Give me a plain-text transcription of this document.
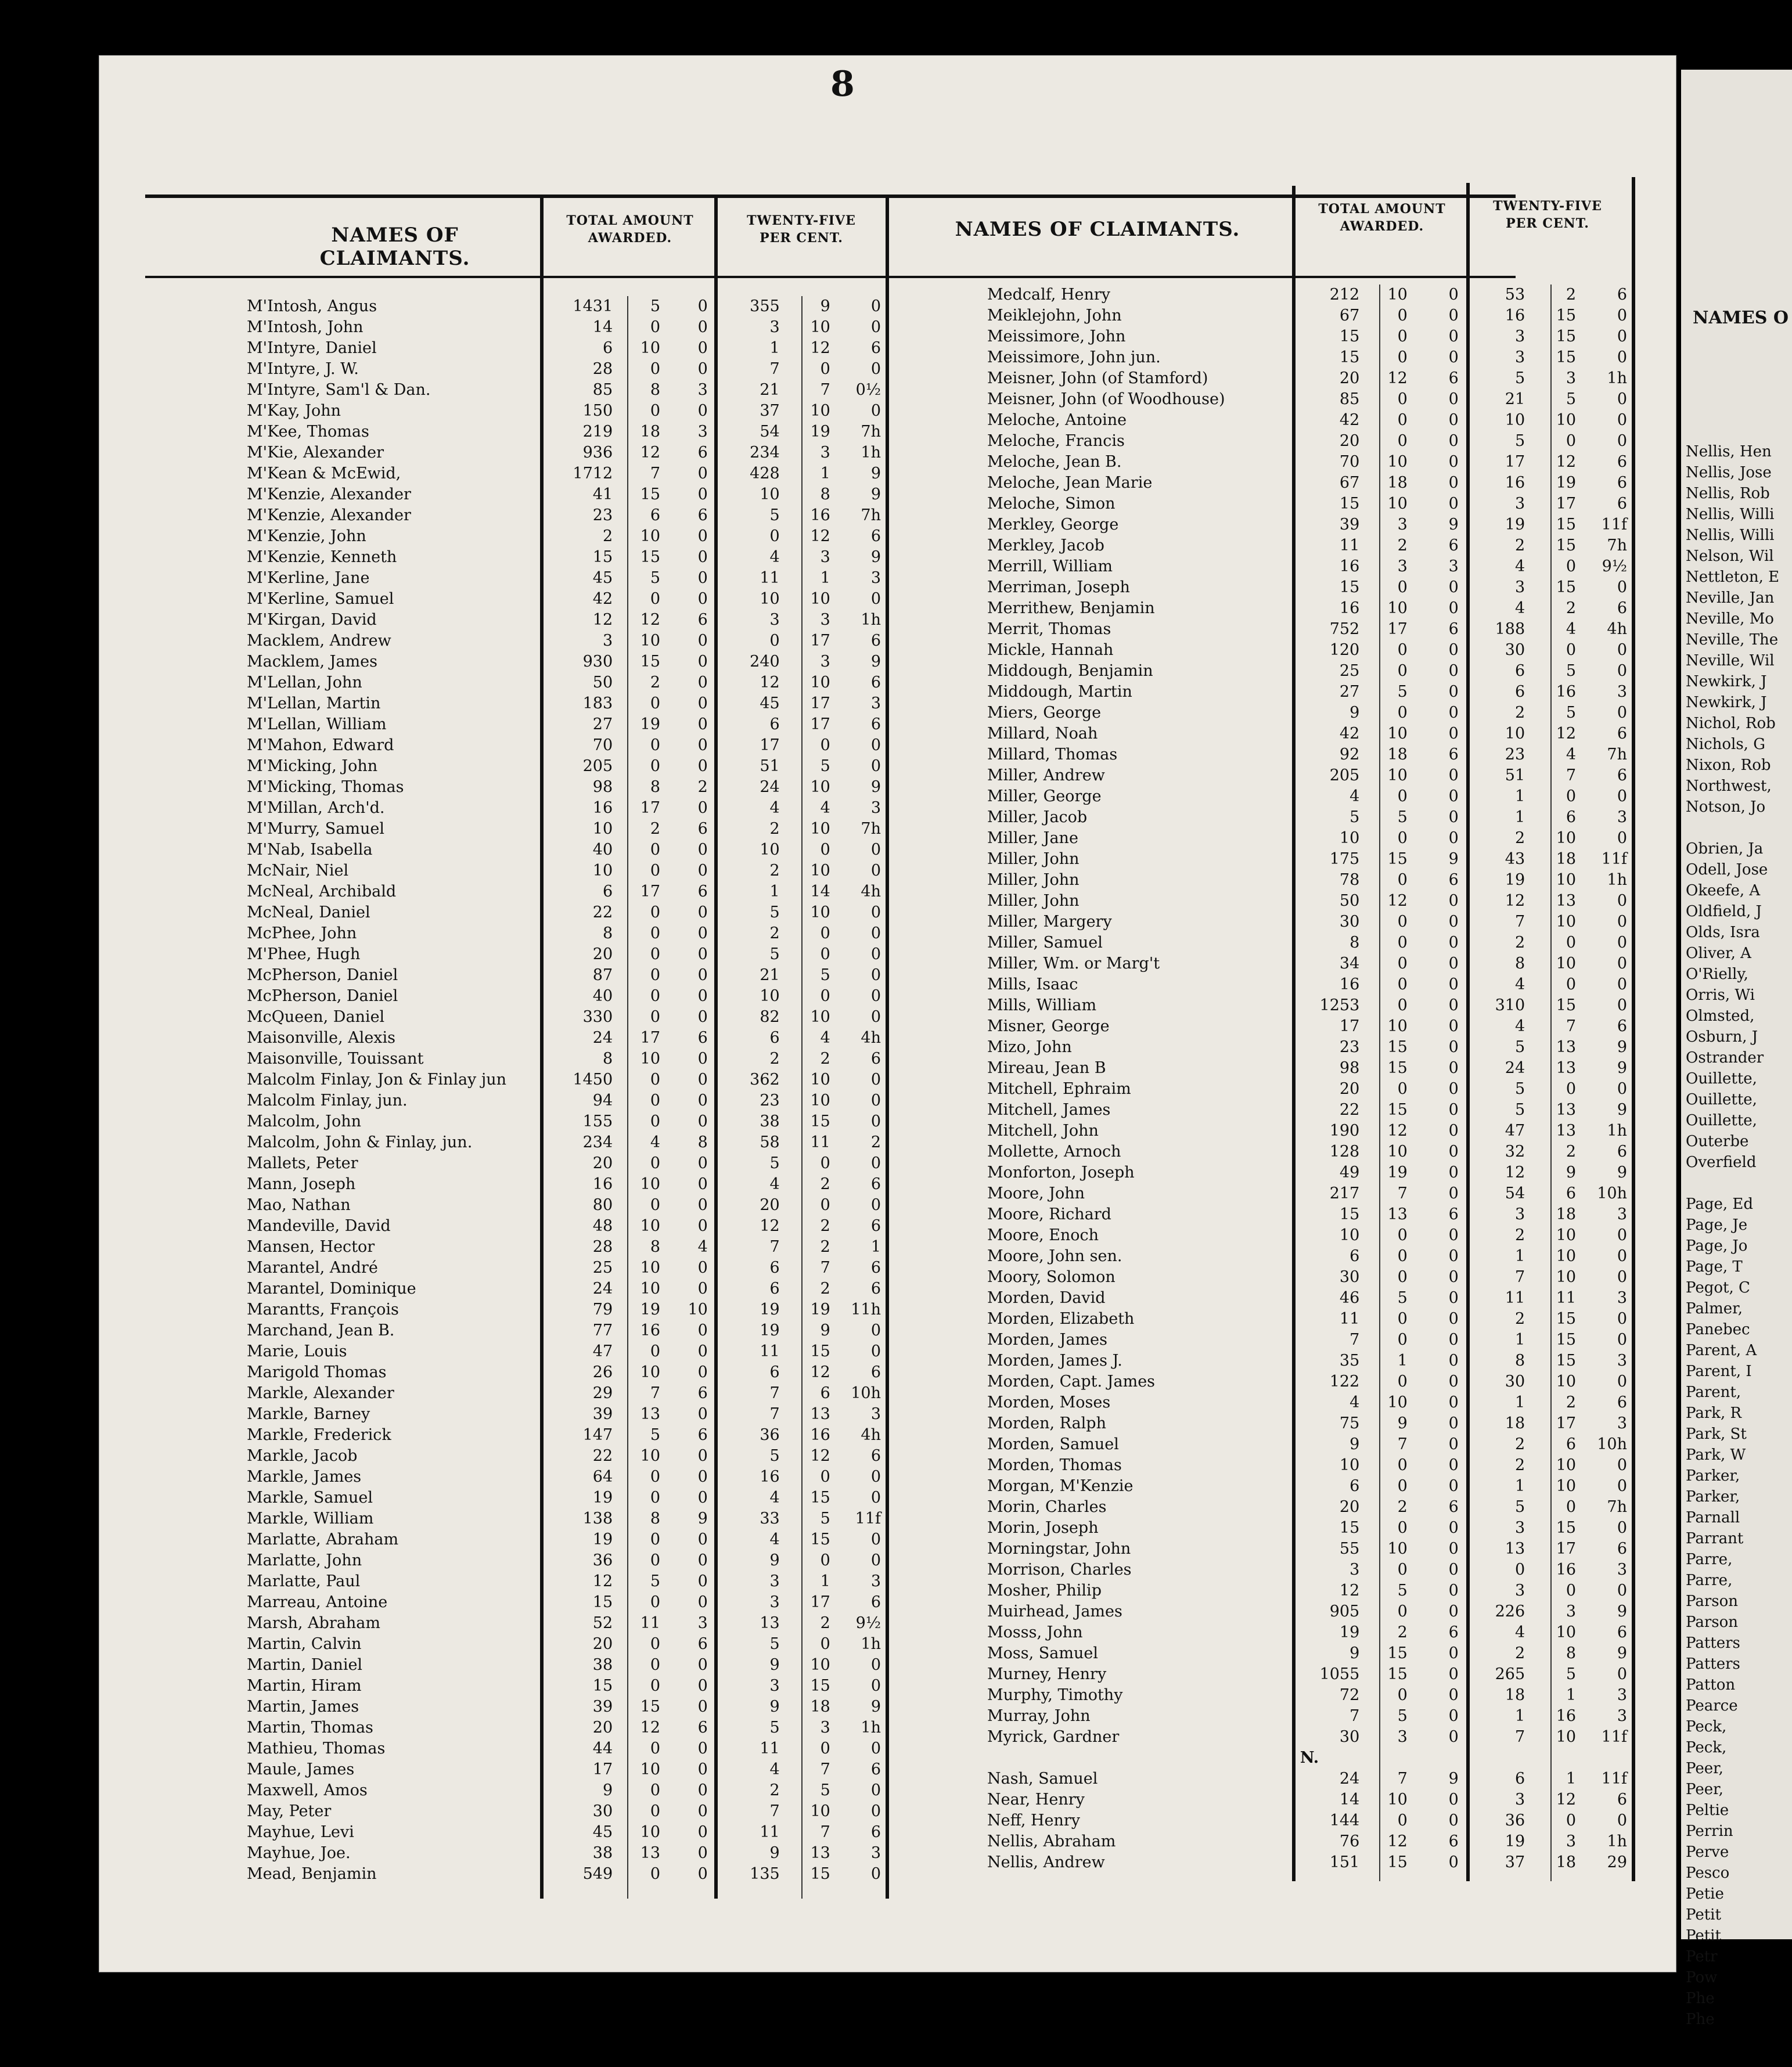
NAMES O
Nellis, Hen
Nellis, Jose
Nellis, Rob
Nellis, Willi
Nellis, Willi
Nelson, Wil
Nettleton, E
Neville, Jan
Neville, Mo
Neville, The
Neville, Wil
Newkirk, J
Newkirk, J
Nichol, Rob
Nichols, G
Nixon, Rob
Northwest,
Notson, Jo
Obrien, Ja
Odell, Jose
Okeefe, A
Oldfield, J
Olds, Isra
Oliver, A
O'Rielly,
Orris, Wi
Olmsted,
Osburn, J
Ostrander
Ouillette,
Ouillette,
Ouillette,
Outerbe
Overfield
Page, Ed
Page, Je
Page, Jo
Page, T
Pegot, C
Palmer,
Panebec
Parent, A
Parent, I
Parent,
Park, R
Park, St
Park, W
Parker,
Parker,
Parnall
Parrant
Parre,
Parre,
Parson
Parson
Patters
Patters
Patton
Pearce
Peck,
Peck,
Peer,
Peer,
Peltie
Perrin
Perve
Pesco
Petie
Petit
Petit
Petr
Pow
Phe
Phe
8
NAMES OF CLAIMANTS.
TOTAL AMOUNT
AWARDED.
TWENTY-FIVE
PER CENT.	NAMES OF CLAIMANTS.
TOTAL AMOUNT
AWARDED.
TWENTY-FIVE
PER CENT.
M'Intosh, Angus	1431	5	0	355	9	0
M'Intosh, John	14	0	0	3	10	0
M'Intyre, Daniel	6	10	0	1	12	6
M'Intyre, J. W.	28	0	0	7	0	0
M'Intyre, Sam'l & Dan.	85	8	3	21	7	0½
M'Kay, John	150	0	0	37	10	0
M'Kee, Thomas	219	18	3	54	19	7h
M'Kie, Alexander	936	12	6	234	3	1h
M'Kean & McEwid,	1712	7	0	428	1	9
M'Kenzie, Alexander	41	15	0	10	8	9
M'Kenzie, Alexander	23	6	6	5	16	7h
M'Kenzie, John	2	10	0	0	12	6
M'Kenzie, Kenneth	15	15	0	4	3	9
M'Kerline, Jane	45	5	0	11	1	3
M'Kerline, Samuel	42	0	0	10	10	0
M'Kirgan, David	12	12	6	3	3	1h
Macklem, Andrew	3	10	0	0	17	6
Macklem, James	930	15	0	240	3	9
M'Lellan, John	50	2	0	12	10	6
M'Lellan, Martin	183	0	0	45	17	3
M'Lellan, William	27	19	0	6	17	6
M'Mahon, Edward	70	0	0	17	0	0
M'Micking, John	205	0	0	51	5	0
M'Micking, Thomas	98	8	2	24	10	9
M'Millan, Arch'd.	16	17	0	4	4	3
M'Murry, Samuel	10	2	6	2	10	7h
M'Nab, Isabella	40	0	0	10	0	0
McNair, Niel	10	0	0	2	10	0
McNeal, Archibald	6	17	6	1	14	4h
McNeal, Daniel	22	0	0	5	10	0
McPhee, John	8	0	0	2	0	0
M'Phee, Hugh	20	0	0	5	0	0
McPherson, Daniel	87	0	0	21	5	0
McPherson, Daniel	40	0	0	10	0	0
McQueen, Daniel	330	0	0	82	10	0
Maisonville, Alexis	24	17	6	6	4	4h
Maisonville, Touissant	8	10	0	2	2	6
Malcolm Finlay, Jon & Finlay jun	1450	0	0	362	10	0
Malcolm Finlay, jun.	94	0	0	23	10	0
Malcolm, John	155	0	0	38	15	0
Malcolm, John & Finlay, jun.	234	4	8	58	11	2
Mallets, Peter	20	0	0	5	0	0
Mann, Joseph	16	10	0	4	2	6
Mao, Nathan	80	0	0	20	0	0
Mandeville, David	48	10	0	12	2	6
Mansen, Hector	28	8	4	7	2	1
Marantel, André	25	10	0	6	7	6
Marantel, Dominique	24	10	0	6	2	6
Marantts, François	79	19	10	19	19	11h
Marchand, Jean B.	77	16	0	19	9	0
Marie, Louis	47	0	0	11	15	0
Marigold Thomas	26	10	0	6	12	6
Markle, Alexander	29	7	6	7	6	10h
Markle, Barney	39	13	0	7	13	3
Markle, Frederick	147	5	6	36	16	4h
Markle, Jacob	22	10	0	5	12	6
Markle, James	64	0	0	16	0	0
Markle, Samuel	19	0	0	4	15	0
Markle, William	138	8	9	33	5	11f
Marlatte, Abraham	19	0	0	4	15	0
Marlatte, John	36	0	0	9	0	0
Marlatte, Paul	12	5	0	3	1	3
Marreau, Antoine	15	0	0	3	17	6
Marsh, Abraham	52	11	3	13	2	9½
Martin, Calvin	20	0	6	5	0	1h
Martin, Daniel	38	0	0	9	10	0
Martin, Hiram	15	0	0	3	15	0
Martin, James	39	15	0	9	18	9
Martin, Thomas	20	12	6	5	3	1h
Mathieu, Thomas	44	0	0	11	0	0
Maule, James	17	10	0	4	7	6
Maxwell, Amos	9	0	0	2	5	0
May, Peter	30	0	0	7	10	0
Mayhue, Levi	45	10	0	11	7	6
Mayhue, Joe.	38	13	0	9	13	3
Mead, Benjamin	549	0	0	135	15	0
Medcalf, Henry	212	10	0	53	2	6
Meiklejohn, John	67	0	0	16	15	0
Meissimore, John	15	0	0	3	15	0
Meissimore, John jun.	15	0	0	3	15	0
Meisner, John (of Stamford)	20	12	6	5	3	1h
Meisner, John (of Woodhouse)	85	0	0	21	5	0
Meloche, Antoine	42	0	0	10	10	0
Meloche, Francis	20	0	0	5	0	0
Meloche, Jean B.	70	10	0	17	12	6
Meloche, Jean Marie	67	18	0	16	19	6
Meloche, Simon	15	10	0	3	17	6
Merkley, George	39	3	9	19	15	11f
Merkley, Jacob	11	2	6	2	15	7h
Merrill, William	16	3	3	4	0	9½
Merriman, Joseph	15	0	0	3	15	0
Merrithew, Benjamin	16	10	0	4	2	6
Merrit, Thomas	752	17	6	188	4	4h
Mickle, Hannah	120	0	0	30	0	0
Middough, Benjamin	25	0	0	6	5	0
Middough, Martin	27	5	0	6	16	3
Miers, George	9	0	0	2	5	0
Millard, Noah	42	10	0	10	12	6
Millard, Thomas	92	18	6	23	4	7h
Miller, Andrew	205	10	0	51	7	6
Miller, George	4	0	0	1	0	0
Miller, Jacob	5	5	0	1	6	3
Miller, Jane	10	0	0	2	10	0
Miller, John	175	15	9	43	18	11f
Miller, John	78	0	6	19	10	1h
Miller, John	50	12	0	12	13	0
Miller, Margery	30	0	0	7	10	0
Miller, Samuel	8	0	0	2	0	0
Miller, Wm. or Marg't	34	0	0	8	10	0
Mills, Isaac	16	0	0	4	0	0
Mills, William	1253	0	0	310	15	0
Misner, George	17	10	0	4	7	6
Mizo, John	23	15	0	5	13	9
Mireau, Jean B	98	15	0	24	13	9
Mitchell, Ephraim	20	0	0	5	0	0
Mitchell, James	22	15	0	5	13	9
Mitchell, John	190	12	0	47	13	1h
Mollette, Arnoch	128	10	0	32	2	6
Monforton, Joseph	49	19	0	12	9	9
Moore, John	217	7	0	54	6	10h
Moore, Richard	15	13	6	3	18	3
Moore, Enoch	10	0	0	2	10	0
Moore, John sen.	6	0	0	1	10	0
Moory, Solomon	30	0	0	7	10	0
Morden, David	46	5	0	11	11	3
Morden, Elizabeth	11	0	0	2	15	0
Morden, James	7	0	0	1	15	0
Morden, James J.	35	1	0	8	15	3
Morden, Capt. James	122	0	0	30	10	0
Morden, Moses	4	10	0	1	2	6
Morden, Ralph	75	9	0	18	17	3
Morden, Samuel	9	7	0	2	6	10h
Morden, Thomas	10	0	0	2	10	0
Morgan, M'Kenzie	6	0	0	1	10	0
Morin, Charles	20	2	6	5	0	7h
Morin, Joseph	15	0	0	3	15	0
Morningstar, John	55	10	0	13	17	6
Morrison, Charles	3	0	0	0	16	3
Mosher, Philip	12	5	0	3	0	0
Muirhead, James	905	0	0	226	3	9
Mosss, John	19	2	6	4	10	6
Moss, Samuel	9	15	0	2	8	9
Murney, Henry	1055	15	0	265	5	0
Murphy, Timothy	72	0	0	18	1	3
Murray, John	7	5	0	1	16	3
Myrick, Gardner	30	3	0	7	10	11f
N.						
Nash, Samuel	24	7	9	6	1	11f
Near, Henry	14	10	0	3	12	6
Neff, Henry	144	0	0	36	0	0
Nellis, Abraham	76	12	6	19	3	1h
Nellis, Andrew	151	15	0	37	18	29
